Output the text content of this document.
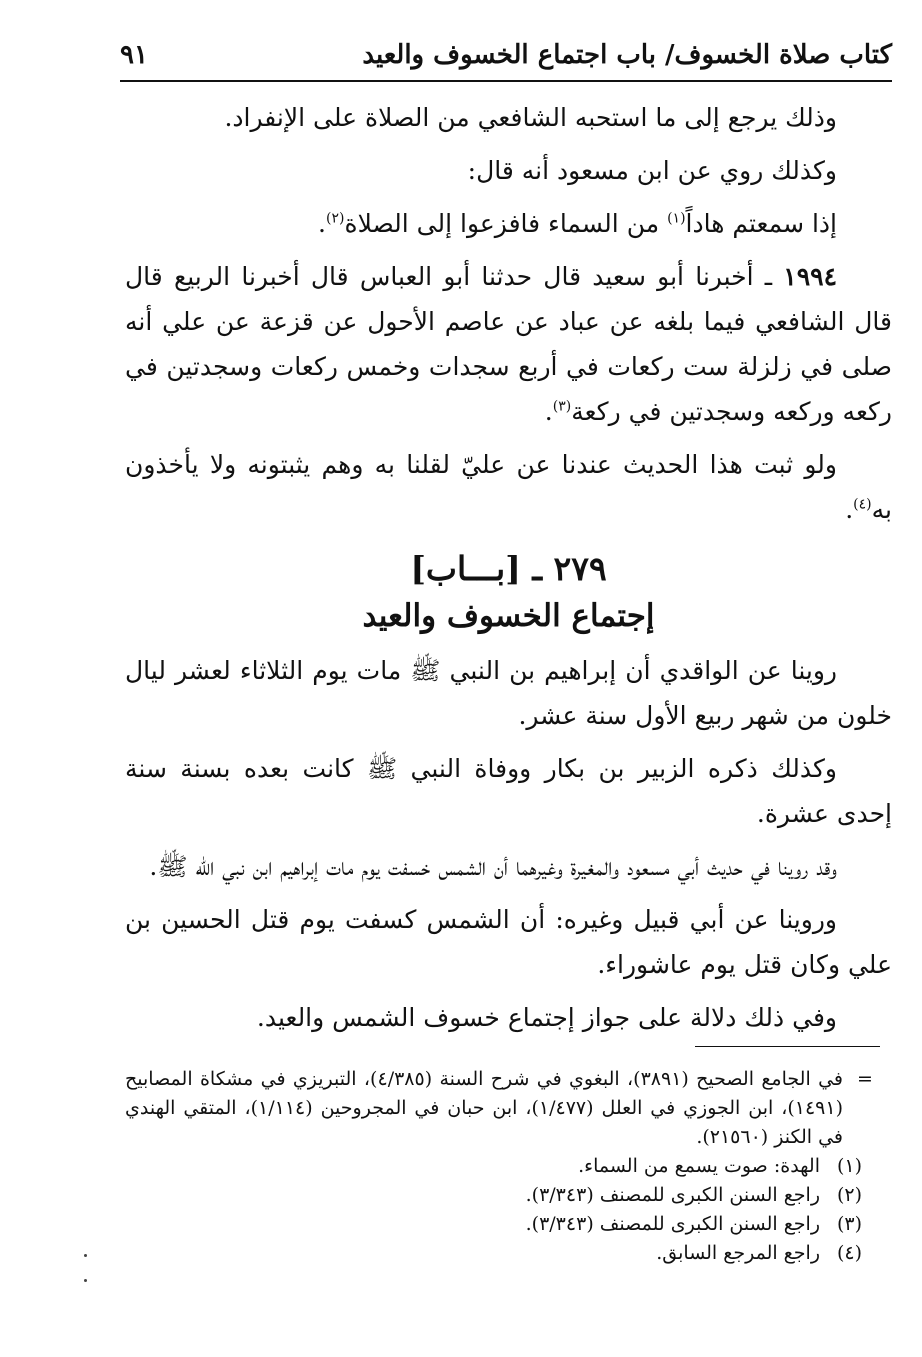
كتاب صلاة الخسوف/ باب اجتماع الخسوف والعيد
٩١

وذلك يرجع إلى ما استحبه الشافعي من الصلاة على الإنفراد.

وكذلك روي عن ابن مسعود أنه قال:

إذا سمعتم هاداً$^{(١)}$ من السماء فافزعوا إلى الصلاة$^{(٢)}$.

١٩٩٤ ـ أخبرنا أبو سعيد قال حدثنا أبو العباس قال أخبرنا الربيع قال قال الشافعي فيما بلغه عن عباد عن عاصم الأحول عن قزعة عن علي أنه صلى في زلزلة ست ركعات في أربع سجدات وخمس ركعات وسجدتين في ركعه وركعه وسجدتين في ركعة$^{(٣)}$.

ولو ثبت هذا الحديث عندنا عن عليّ لقلنا به وهم يثبتونه ولا يأخذون به$^{(٤)}$.

٢٧٩ ـ [بـــاب]
إجتماع الخسوف والعيد

روينا عن الواقدي أن إبراهيم بن النبي ﷺ مات يوم الثلاثاء لعشر ليال خلون من شهر ربيع الأول سنة عشر.

وكذلك ذكره الزبير بن بكار ووفاة النبي ﷺ كانت بعده بسنة سنة إحدى عشرة.

وقد روينا في حديث أبي مسعود والمغيرة وغيرهما أن الشمس خسفت يوم مات إبراهيم ابن نبي الله ﷺ.

وروينا عن أبي قبيل وغيره: أن الشمس كسفت يوم قتل الحسين بن علي وكان قتل يوم عاشوراء.

وفي ذلك دلالة على جواز إجتماع خسوف الشمس والعيد.

=
في الجامع الصحيح (٣٨٩١)، البغوي في شرح السنة (٤/٣٨٥)، التبريزي في مشكاة المصابيح (١٤٩١)، ابن الجوزي في العلل (١/٤٧٧)، ابن حبان في المجروحين (١/١١٤)، المتقي الهندي في الكنز (٢١٥٦٠).
(١)
الهدة: صوت يسمع من السماء.
(٢)
راجع السنن الكبرى للمصنف (٣/٣٤٣).
(٣)
راجع السنن الكبرى للمصنف (٣/٣٤٣).
(٤)
راجع المرجع السابق.
